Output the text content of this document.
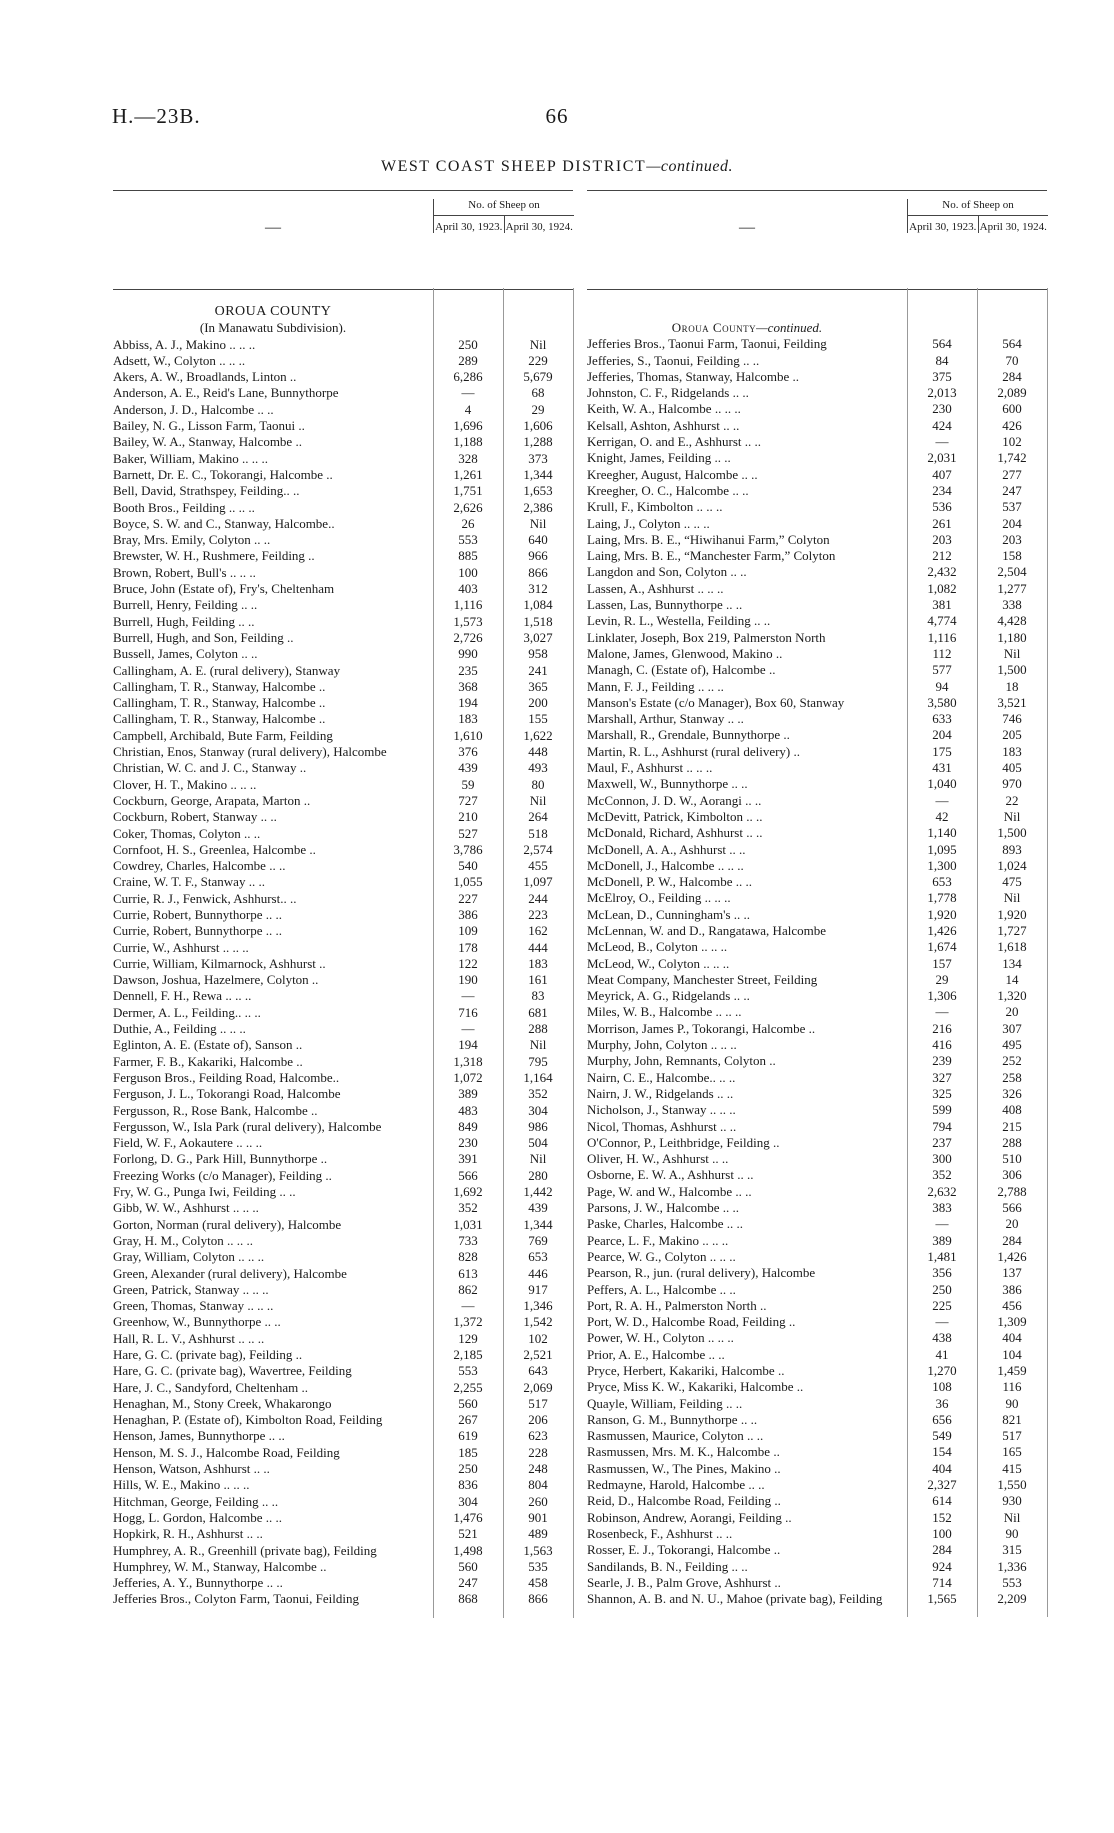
H.—23B.	66
WEST COAST SHEEP DISTRICT—continued.
—
No. of Sheep on
April 30, 1923. April 30, 1924.
OROUA COUNTY
(In Manawatu Subdivision).
Abbiss, A. J., Makino .. .. ..	250	Nil
Adsett, W., Colyton .. .. ..	289	229
Akers, A. W., Broadlands, Linton ..	6,286	5,679
Anderson, A. E., Reid's Lane, Bunnythorpe	—	68
Anderson, J. D., Halcombe .. ..	4	29
Bailey, N. G., Lisson Farm, Taonui ..	1,696	1,606
Bailey, W. A., Stanway, Halcombe ..	1,188	1,288
Baker, William, Makino .. .. ..	328	373
Barnett, Dr. E. C., Tokorangi, Halcombe ..	1,261	1,344
Bell, David, Strathspey, Feilding.. ..	1,751	1,653
Booth Bros., Feilding .. .. ..	2,626	2,386
Boyce, S. W. and C., Stanway, Halcombe..	26	Nil
Bray, Mrs. Emily, Colyton .. ..	553	640
Brewster, W. H., Rushmere, Feilding ..	885	966
Brown, Robert, Bull's .. .. ..	100	866
Bruce, John (Estate of), Fry's, Cheltenham	403	312
Burrell, Henry, Feilding .. ..	1,116	1,084
Burrell, Hugh, Feilding .. ..	1,573	1,518
Burrell, Hugh, and Son, Feilding ..	2,726	3,027
Bussell, James, Colyton .. ..	990	958
Callingham, A. E. (rural delivery), Stanway	235	241
Callingham, T. R., Stanway, Halcombe ..	368	365
Callingham, T. R., Stanway, Halcombe ..	194	200
Callingham, T. R., Stanway, Halcombe ..	183	155
Campbell, Archibald, Bute Farm, Feilding	1,610	1,622
Christian, Enos, Stanway (rural delivery), Halcombe	376	448
Christian, W. C. and J. C., Stanway ..	439	493
Clover, H. T., Makino .. .. ..	59	80
Cockburn, George, Arapata, Marton ..	727	Nil
Cockburn, Robert, Stanway .. ..	210	264
Coker, Thomas, Colyton .. ..	527	518
Cornfoot, H. S., Greenlea, Halcombe ..	3,786	2,574
Cowdrey, Charles, Halcombe .. ..	540	455
Craine, W. T. F., Stanway .. ..	1,055	1,097
Currie, R. J., Fenwick, Ashhurst.. ..	227	244
Currie, Robert, Bunnythorpe .. ..	386	223
Currie, Robert, Bunnythorpe .. ..	109	162
Currie, W., Ashhurst .. .. ..	178	444
Currie, William, Kilmarnock, Ashhurst ..	122	183
Dawson, Joshua, Hazelmere, Colyton ..	190	161
Dennell, F. H., Rewa .. .. ..	—	83
Dermer, A. L., Feilding.. .. ..	716	681
Duthie, A., Feilding .. .. ..	—	288
Eglinton, A. E. (Estate of), Sanson ..	194	Nil
Farmer, F. B., Kakariki, Halcombe ..	1,318	795
Ferguson Bros., Feilding Road, Halcombe..	1,072	1,164
Ferguson, J. L., Tokorangi Road, Halcombe	389	352
Fergusson, R., Rose Bank, Halcombe ..	483	304
Fergusson, W., Isla Park (rural delivery), Halcombe	849	986
Field, W. F., Aokautere .. .. ..	230	504
Forlong, D. G., Park Hill, Bunnythorpe ..	391	Nil
Freezing Works (c/o Manager), Feilding ..	566	280
Fry, W. G., Punga Iwi, Feilding .. ..	1,692	1,442
Gibb, W. W., Ashhurst .. .. ..	352	439
Gorton, Norman (rural delivery), Halcombe	1,031	1,344
Gray, H. M., Colyton .. .. ..	733	769
Gray, William, Colyton .. .. ..	828	653
Green, Alexander (rural delivery), Halcombe	613	446
Green, Patrick, Stanway .. .. ..	862	917
Green, Thomas, Stanway .. .. ..	—	1,346
Greenhow, W., Bunnythorpe .. ..	1,372	1,542
Hall, R. L. V., Ashhurst .. .. ..	129	102
Hare, G. C. (private bag), Feilding ..	2,185	2,521
Hare, G. C. (private bag), Wavertree, Feilding	553	643
Hare, J. C., Sandyford, Cheltenham ..	2,255	2,069
Henaghan, M., Stony Creek, Whakarongo	560	517
Henaghan, P. (Estate of), Kimbolton Road, Feilding	267	206
Henson, James, Bunnythorpe .. ..	619	623
Henson, M. S. J., Halcombe Road, Feilding	185	228
Henson, Watson, Ashhurst .. ..	250	248
Hills, W. E., Makino .. .. ..	836	804
Hitchman, George, Feilding .. ..	304	260
Hogg, L. Gordon, Halcombe .. ..	1,476	901
Hopkirk, R. H., Ashhurst .. ..	521	489
Humphrey, A. R., Greenhill (private bag), Feilding	1,498	1,563
Humphrey, W. M., Stanway, Halcombe ..	560	535
Jefferies, A. Y., Bunnythorpe .. ..	247	458
Jefferies Bros., Colyton Farm, Taonui, Feilding	868	866
—
No. of Sheep on
April 30, 1923. April 30, 1924.
Oroua County—continued.
Jefferies Bros., Taonui Farm, Taonui, Feilding	564	564
Jefferies, S., Taonui, Feilding .. ..	84	70
Jefferies, Thomas, Stanway, Halcombe ..	375	284
Johnston, C. F., Ridgelands .. ..	2,013	2,089
Keith, W. A., Halcombe .. .. ..	230	600
Kelsall, Ashton, Ashhurst .. ..	424	426
Kerrigan, O. and E., Ashhurst .. ..	—	102
Knight, James, Feilding .. ..	2,031	1,742
Kreegher, August, Halcombe .. ..	407	277
Kreegher, O. C., Halcombe .. ..	234	247
Krull, F., Kimbolton .. .. ..	536	537
Laing, J., Colyton .. .. ..	261	204
Laing, Mrs. B. E., “Hiwihanui Farm,” Colyton	203	203
Laing, Mrs. B. E., “Manchester Farm,” Colyton	212	158
Langdon and Son, Colyton .. ..	2,432	2,504
Lassen, A., Ashhurst .. .. ..	1,082	1,277
Lassen, Las, Bunnythorpe .. ..	381	338
Levin, R. L., Westella, Feilding .. ..	4,774	4,428
Linklater, Joseph, Box 219, Palmerston North	1,116	1,180
Malone, James, Glenwood, Makino ..	112	Nil
Managh, C. (Estate of), Halcombe ..	577	1,500
Mann, F. J., Feilding .. .. ..	94	18
Manson's Estate (c/o Manager), Box 60, Stanway	3,580	3,521
Marshall, Arthur, Stanway .. ..	633	746
Marshall, R., Grendale, Bunnythorpe ..	204	205
Martin, R. L., Ashhurst (rural delivery) ..	175	183
Maul, F., Ashhurst .. .. ..	431	405
Maxwell, W., Bunnythorpe .. ..	1,040	970
McConnon, J. D. W., Aorangi .. ..	—	22
McDevitt, Patrick, Kimbolton .. ..	42	Nil
McDonald, Richard, Ashhurst .. ..	1,140	1,500
McDonell, A. A., Ashhurst .. ..	1,095	893
McDonell, J., Halcombe .. .. ..	1,300	1,024
McDonell, P. W., Halcombe .. ..	653	475
McElroy, O., Feilding .. .. ..	1,778	Nil
McLean, D., Cunningham's .. ..	1,920	1,920
McLennan, W. and D., Rangatawa, Halcombe	1,426	1,727
McLeod, B., Colyton .. .. ..	1,674	1,618
McLeod, W., Colyton .. .. ..	157	134
Meat Company, Manchester Street, Feilding	29	14
Meyrick, A. G., Ridgelands .. ..	1,306	1,320
Miles, W. B., Halcombe .. .. ..	—	20
Morrison, James P., Tokorangi, Halcombe ..	216	307
Murphy, John, Colyton .. .. ..	416	495
Murphy, John, Remnants, Colyton ..	239	252
Nairn, C. E., Halcombe.. .. ..	327	258
Nairn, J. W., Ridgelands .. ..	325	326
Nicholson, J., Stanway .. .. ..	599	408
Nicol, Thomas, Ashhurst .. ..	794	215
O'Connor, P., Leithbridge, Feilding ..	237	288
Oliver, H. W., Ashhurst .. ..	300	510
Osborne, E. W. A., Ashhurst .. ..	352	306
Page, W. and W., Halcombe .. ..	2,632	2,788
Parsons, J. W., Halcombe .. ..	383	566
Paske, Charles, Halcombe .. ..	—	20
Pearce, L. F., Makino .. .. ..	389	284
Pearce, W. G., Colyton .. .. ..	1,481	1,426
Pearson, R., jun. (rural delivery), Halcombe	356	137
Peffers, A. L., Halcombe .. ..	250	386
Port, R. A. H., Palmerston North ..	225	456
Port, W. D., Halcombe Road, Feilding ..	—	1,309
Power, W. H., Colyton .. .. ..	438	404
Prior, A. E., Halcombe .. ..	41	104
Pryce, Herbert, Kakariki, Halcombe ..	1,270	1,459
Pryce, Miss K. W., Kakariki, Halcombe ..	108	116
Quayle, William, Feilding .. ..	36	90
Ranson, G. M., Bunnythorpe .. ..	656	821
Rasmussen, Maurice, Colyton .. ..	549	517
Rasmussen, Mrs. M. K., Halcombe ..	154	165
Rasmussen, W., The Pines, Makino ..	404	415
Redmayne, Harold, Halcombe .. ..	2,327	1,550
Reid, D., Halcombe Road, Feilding ..	614	930
Robinson, Andrew, Aorangi, Feilding ..	152	Nil
Rosenbeck, F., Ashhurst .. ..	100	90
Rosser, E. J., Tokorangi, Halcombe ..	284	315
Sandilands, B. N., Feilding .. ..	924	1,336
Searle, J. B., Palm Grove, Ashhurst ..	714	553
Shannon, A. B. and N. U., Mahoe (private bag), Feilding	1,565	2,209
